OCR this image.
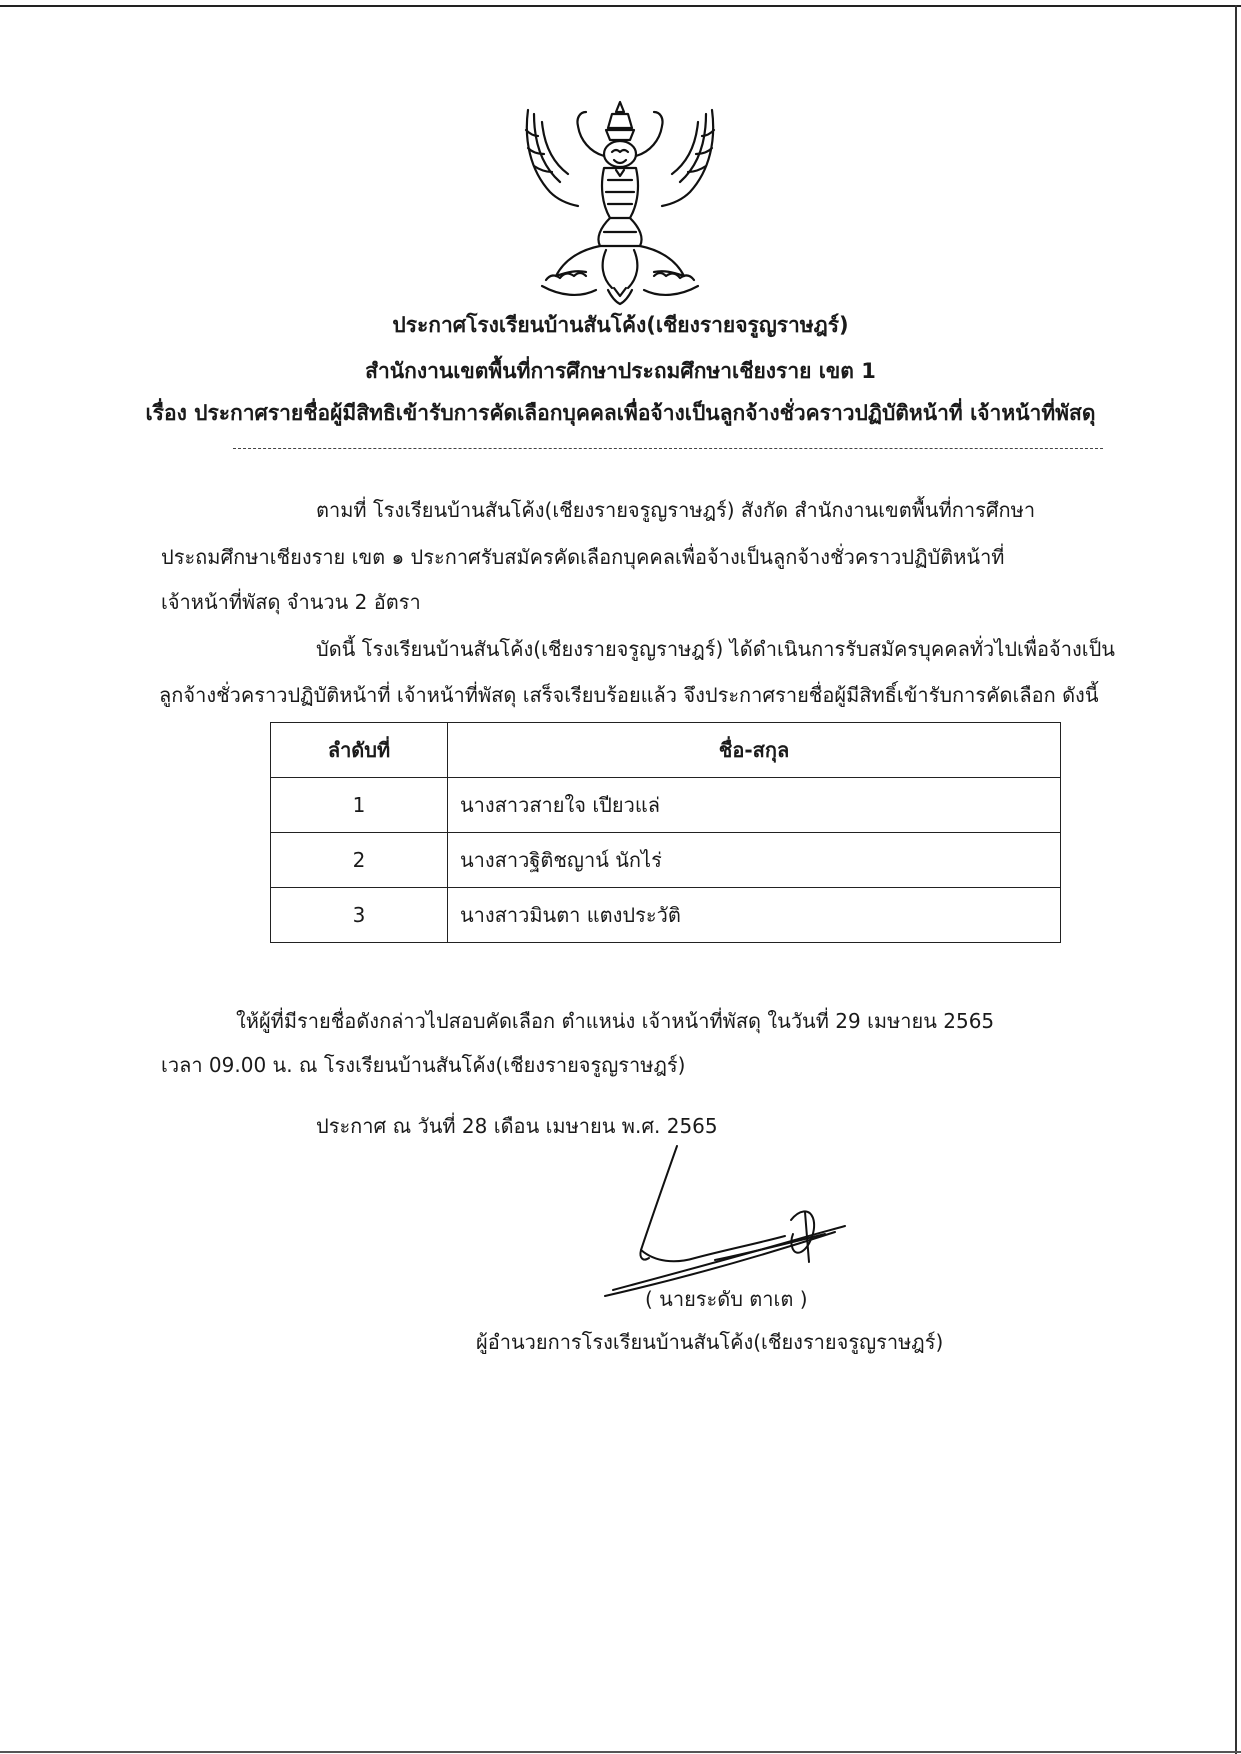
ประกาศโรงเรียนบ้านสันโค้ง(เชียงรายจรูญราษฎร์)
สำนักงานเขตพื้นที่การศึกษาประถมศึกษาเชียงราย เขต 1
เรื่อง ประกาศรายชื่อผู้มีสิทธิเข้ารับการคัดเลือกบุคคลเพื่อจ้างเป็นลูกจ้างชั่วคราวปฏิบัติหน้าที่ เจ้าหน้าที่พัสดุ
ตามที่ โรงเรียนบ้านสันโค้ง(เชียงรายจรูญราษฎร์) สังกัด สำนักงานเขตพื้นที่การศึกษา
ประถมศึกษาเชียงราย เขต ๑ ประกาศรับสมัครคัดเลือกบุคคลเพื่อจ้างเป็นลูกจ้างชั่วคราวปฏิบัติหน้าที่
เจ้าหน้าที่พัสดุ จำนวน 2 อัตรา
บัดนี้ โรงเรียนบ้านสันโค้ง(เชียงรายจรูญราษฎร์) ได้ดำเนินการรับสมัครบุคคลทั่วไปเพื่อจ้างเป็น
ลูกจ้างชั่วคราวปฏิบัติหน้าที่ เจ้าหน้าที่พัสดุ เสร็จเรียบร้อยแล้ว จึงประกาศรายชื่อผู้มีสิทธิ์เข้ารับการคัดเลือก ดังนี้
ลำดับที่	ชื่อ-สกุล
1	นางสาวสายใจ เปียวแล่
2	นางสาวฐิติชญาน์ นักไร่
3	นางสาวมินตา แตงประวัติ
ให้ผู้ที่มีรายชื่อดังกล่าวไปสอบคัดเลือก ตำแหน่ง เจ้าหน้าที่พัสดุ ในวันที่ 29 เมษายน 2565
เวลา 09.00 น. ณ โรงเรียนบ้านสันโค้ง(เชียงรายจรูญราษฎร์)
ประกาศ ณ วันที่ 28 เดือน เมษายน พ.ศ. 2565
( นายระดับ ตาเต )
ผู้อำนวยการโรงเรียนบ้านสันโค้ง(เชียงรายจรูญราษฎร์)
